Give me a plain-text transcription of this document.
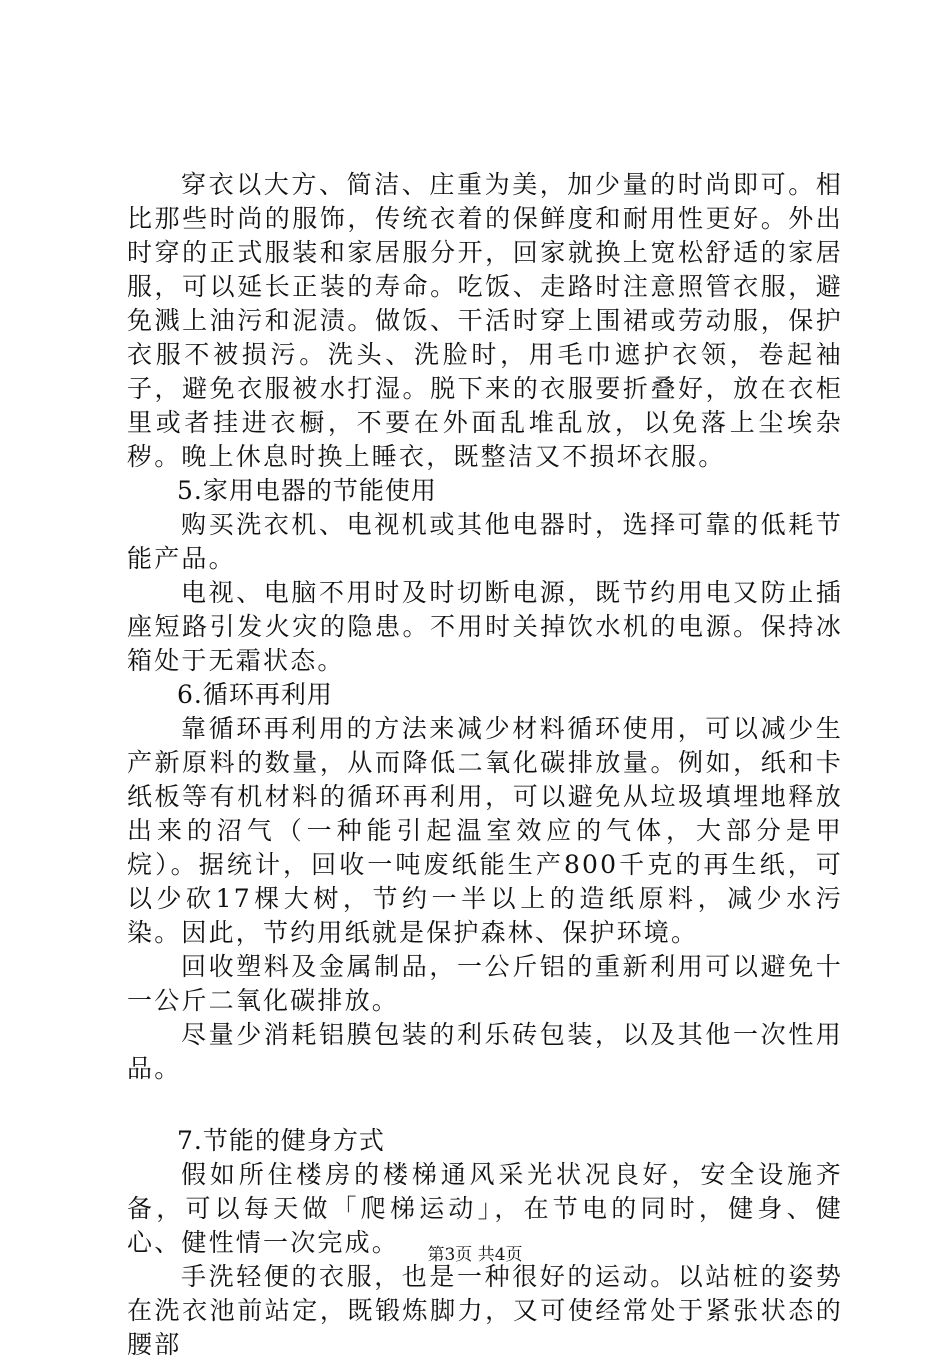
穿衣以大方、简洁、庄重为美，加少量的时尚即可。相比那些时尚的服饰，传统衣着的保鲜度和耐用性更好。外出时穿的正式服装和家居服分开，回家就换上宽松舒适的家居服，可以延长正装的寿命。吃饭、走路时注意照管衣服，避免溅上油污和泥渍。做饭、干活时穿上围裙或劳动服，保护衣服不被损污。洗头、洗脸时，用毛巾遮护衣领，卷起袖子，避免衣服被水打湿。脱下来的衣服要折叠好，放在衣柜里或者挂进衣橱，不要在外面乱堆乱放，以免落上尘埃杂秽。晚上休息时换上睡衣，既整洁又不损坏衣服。

5.家用电器的节能使用

购买洗衣机、电视机或其他电器时，选择可靠的低耗节能产品。

电视、电脑不用时及时切断电源，既节约用电又防止插座短路引发火灾的隐患。不用时关掉饮水机的电源。保持冰箱处于无霜状态。

6.循环再利用

靠循环再利用的方法来减少材料循环使用，可以减少生产新原料的数量，从而降低二氧化碳排放量。例如，纸和卡纸板等有机材料的循环再利用，可以避免从垃圾填埋地释放出来的沼气（一种能引起温室效应的气体，大部分是甲烷）。据统计，回收一吨废纸能生产800千克的再生纸，可以少砍17棵大树，节约一半以上的造纸原料，减少水污染。因此，节约用纸就是保护森林、保护环境。

回收塑料及金属制品，一公斤铝的重新利用可以避免十一公斤二氧化碳排放。

尽量少消耗铝膜包装的利乐砖包装，以及其他一次性用品。

7.节能的健身方式

假如所住楼房的楼梯通风采光状况良好，安全设施齐备，可以每天做「爬梯运动」，在节电的同时，健身、健心、健性情一次完成。

手洗轻便的衣服，也是一种很好的运动。以站桩的姿势在洗衣池前站定，既锻炼脚力，又可使经常处于紧张状态的腰部

第3页 共4页
